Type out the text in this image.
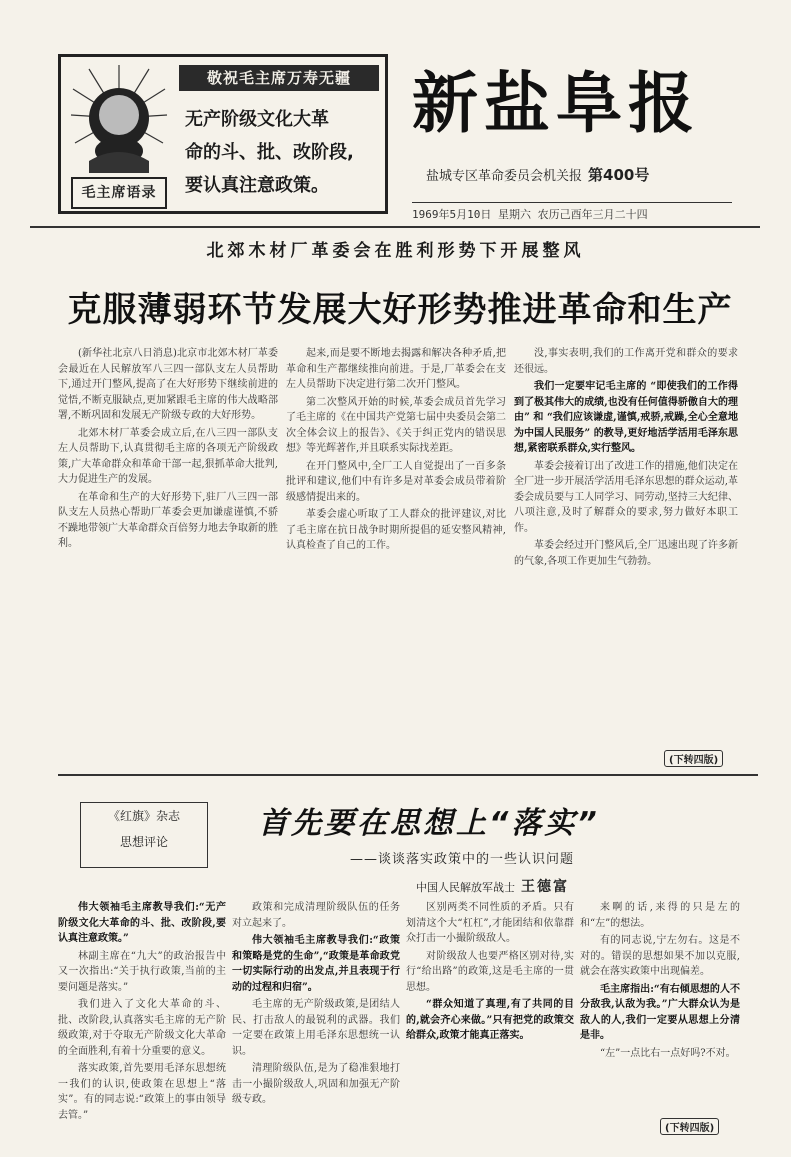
敬祝毛主席万寿无疆
毛主席语录
无产阶级文化大革
命的斗、批、改阶段,
要认真注意政策。
新盐阜报
盐城专区革命委员会机关报 第400号
1969年5月10日 星期六 农历己酉年三月二十四
北郊木材厂革委会在胜利形势下开展整风
克服薄弱环节发展大好形势推进革命和生产

(新华社北京八日消息)北京市北郊木材厂革委会最近在人民解放军八三四一部队支左人员帮助下,通过开门整风,提高了在大好形势下继续前进的觉悟,不断克服缺点,更加紧跟毛主席的伟大战略部署,不断巩固和发展无产阶级专政的大好形势。

北郊木材厂革委会成立后,在八三四一部队支左人员帮助下,认真贯彻毛主席的各项无产阶级政策,广大革命群众和革命干部一起,狠抓革命大批判,大力促进生产的发展。

在革命和生产的大好形势下,驻厂八三四一部队支左人员热心帮助厂革委会更加谦虚谨慎,不骄不躁地带领广大革命群众百倍努力地去争取新的胜利。

起来,而是要不断地去揭露和解决各种矛盾,把革命和生产都继续推向前进。于是,厂革委会在支左人员帮助下决定进行第二次开门整风。

第二次整风开始的时候,革委会成员首先学习了毛主席的《在中国共产党第七届中央委员会第二次全体会议上的报告》、《关于纠正党内的错误思想》等光辉著作,并且联系实际找差距。

在开门整风中,全厂工人自觉提出了一百多条批评和建议,他们中有许多是对革委会成员带着阶级感情提出来的。

革委会虚心听取了工人群众的批评建议,对比了毛主席在抗日战争时期所提倡的延安整风精神,认真检查了自己的工作。

没,事实表明,我们的工作离开党和群众的要求还很远。

我们一定要牢记毛主席的 “即使我们的工作得到了极其伟大的成绩,也没有任何值得骄傲自大的理由” 和 “我们应该谦虚,谨慎,戒骄,戒躁,全心全意地为中国人民服务” 的教导,更好地活学活用毛泽东思想,紧密联系群众,实行整风。

革委会接着订出了改进工作的措施,他们决定在全厂进一步开展活学活用毛泽东思想的群众运动,革委会成员要与工人同学习、同劳动,坚持三大纪律、八项注意,及时了解群众的要求,努力做好本职工作。

革委会经过开门整风后,全厂迅速出现了许多新的气象,各项工作更加生气勃勃。

(下转四版)
《红旗》杂志
思想评论
首先要在思想上“落实”
——谈谈落实政策中的一些认识问题
中国人民解放军战士 王德富

伟大领袖毛主席教导我们:“无产阶级文化大革命的斗、批、改阶段,要认真注意政策。”

林副主席在“九大”的政治报告中又一次指出:“关于执行政策,当前的主要问题是落实。”

我们进入了文化大革命的斗、批、改阶段,认真落实毛主席的无产阶级政策,对于夺取无产阶级文化大革命的全面胜利,有着十分重要的意义。

落实政策,首先要用毛泽东思想统一我们的认识,使政策在思想上“落实”。有的同志说:“政策上的事由领导去管。”

政策和完成清理阶级队伍的任务对立起来了。

伟大领袖毛主席教导我们:“政策和策略是党的生命”,“政策是革命政党一切实际行动的出发点,并且表现于行动的过程和归宿”。

毛主席的无产阶级政策,是团结人民、打击敌人的最锐利的武器。我们一定要在政策上用毛泽东思想统一认识。

清理阶级队伍,是为了稳准狠地打击一小撮阶级敌人,巩固和加强无产阶级专政。

区别两类不同性质的矛盾。只有划清这个大“杠杠”,才能团结和依靠群众打击一小撮阶级敌人。

对阶级敌人也要严格区别对待,实行“给出路”的政策,这是毛主席的一贯思想。

“群众知道了真理,有了共同的目的,就会齐心来做。”只有把党的政策交给群众,政策才能真正落实。

来啊的话,来得的只是左的和“左”的想法。

有的同志说,宁左勿右。这是不对的。错误的思想如果不加以克服,就会在落实政策中出现偏差。

毛主席指出:“有右倾思想的人不分敌我,认敌为我。”广大群众认为是敌人的人,我们一定要从思想上分清是非。

“左”一点比右一点好吗?不对。

(下转四版)
